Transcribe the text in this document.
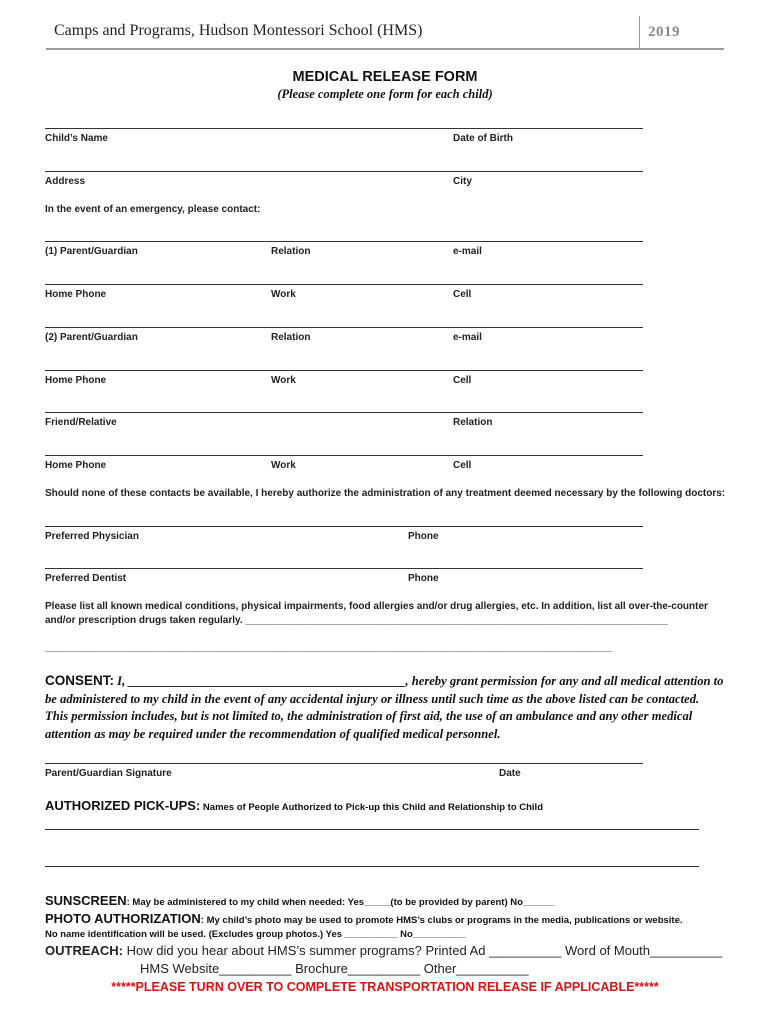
Camps and Programs, Hudson Montessori School (HMS)	2019
MEDICAL RELEASE FORM
(Please complete one form for each child)
Child’s Name	Date of Birth
Address	City
In the event of an emergency, please contact:
(1) Parent/Guardian	Relation	e-mail
Home Phone	Work	Cell
(2) Parent/Guardian	Relation	e-mail
Home Phone	Work	Cell
Friend/Relative	Relation
Home Phone	Work	Cell
Should none of these contacts be available, I hereby authorize the administration of any treatment deemed necessary by the following doctors:
Preferred Physician	Phone
Preferred Dentist	Phone
Please list all known medical conditions, physical impairments, food allergies and/or drug allergies, etc. In addition, list all over-the-counter
and/or prescription drugs taken regularly. ____________________________________________________________________________
______________________________________________________________________________________________________
CONSENT: I, ____________________________________________, hereby grant permission for any and all medical attention to be administered to my child in the event of any accidental injury or illness until such time as the above listed can be contacted. This permission includes, but is not limited to, the administration of first aid, the use of an ambulance and any other medical attention as may be required under the recommendation of qualified medical personnel.
Parent/Guardian Signature	Date
AUTHORIZED PICK-UPS: Names of People Authorized to Pick-up this Child and Relationship to Child
SUNSCREEN: May be administered to my child when needed: Yes_____(to be provided by parent) No______
PHOTO AUTHORIZATION: My child’s photo may be used to promote HMS’s clubs or programs in the media, publications or website.
No name identification will be used. (Excludes group photos.) Yes __________ No__________
OUTREACH: How did you hear about HMS’s summer programs? Printed Ad __________ Word of Mouth__________
HMS Website__________ Brochure__________ Other__________
*****PLEASE TURN OVER TO COMPLETE TRANSPORTATION RELEASE IF APPLICABLE*****
